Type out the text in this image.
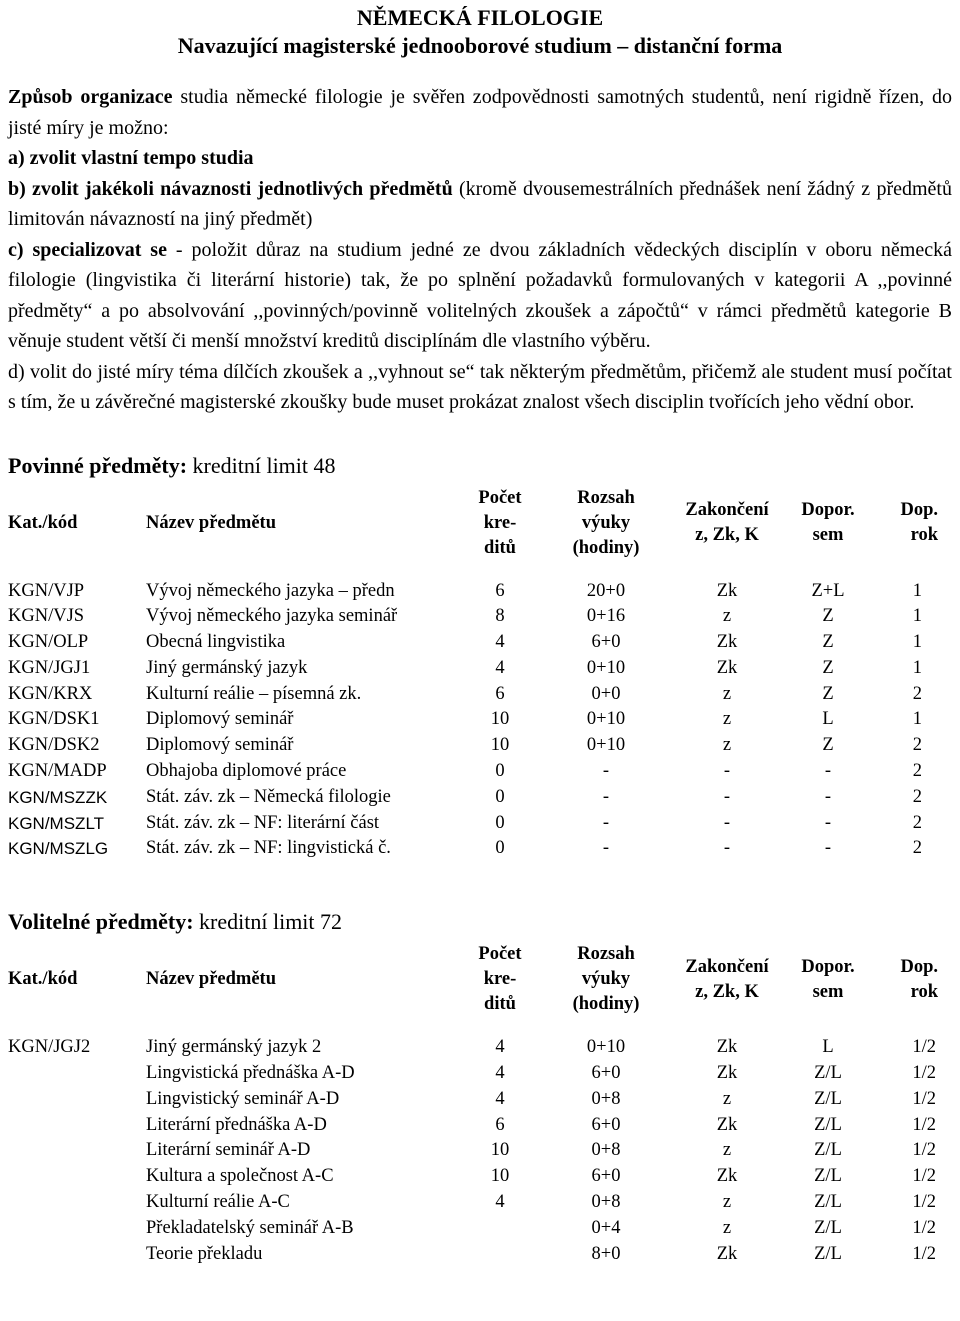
NĚMECKÁ FILOLOGIE
Navazující magisterské jednooborové studium – distanční forma

Způsob organizace studia německé filologie je svěřen zodpovědnosti samotných studentů, není rigidně řízen, do jisté míry je možno:

a) zvolit vlastní tempo studia

b) zvolit jakékoli návaznosti jednotlivých předmětů (kromě dvousemestrálních přednášek není žádný z předmětů limitován návazností na jiný předmět)

c) specializovat se - položit důraz na studium jedné ze dvou základních vědeckých disciplín v oboru německá filologie (lingvistika či literární historie) tak, že po splnění požadavků formulovaných v kategorii A ,,povinné předměty“ a po absolvování ,,povinných/povinně volitelných zkoušek a zápočtů“ v rámci předmětů kategorie B věnuje student větší či menší množství kreditů disciplínám dle vlastního výběru.

d) volit do jisté míry téma dílčích zkoušek a ,,vyhnout se“ tak některým předmětům, přičemž ale student musí počítat s tím, že u závěrečné magisterské zkoušky bude muset prokázat znalost všech disciplin tvořících jeho vědní obor.

Povinné předměty: kreditní limit 48
Kat./kód	Název předmětu	Počet
kre-
ditů	Rozsah
výuky
(hodiny)	Zakončení
z, Zk, K	Dopor.
sem	Dop.
rok
KGN/VJP	Vývoj německého jazyka – předn	6	20+0	Zk	Z+L	1
KGN/VJS	Vývoj německého jazyka seminář	8	0+16	z	Z	1
KGN/OLP	Obecná lingvistika	4	6+0	Zk	Z	1
KGN/JGJ1	Jiný germánský jazyk	4	0+10	Zk	Z	1
KGN/KRX	Kulturní reálie – písemná zk.	6	0+0	z	Z	2
KGN/DSK1	Diplomový seminář	10	0+10	z	L	1
KGN/DSK2	Diplomový seminář	10	0+10	z	Z	2
KGN/MADP	Obhajoba diplomové práce	0	-	-	-	2
KGN/MSZZK	Stát. záv. zk – Německá filologie	0	-	-	-	2
KGN/MSZLT	Stát. záv. zk – NF: literární část	0	-	-	-	2
KGN/MSZLG	Stát. záv. zk – NF: lingvistická č.	0	-	-	-	2
Volitelné předměty: kreditní limit 72
Kat./kód	Název předmětu	Počet
kre-
ditů	Rozsah
výuky
(hodiny)	Zakončení
z, Zk, K	Dopor.
sem	Dop.
rok
KGN/JGJ2	Jiný germánský jazyk 2	4	0+10	Zk	L	1/2
	Lingvistická přednáška A-D	4	6+0	Zk	Z/L	1/2
	Lingvistický seminář A-D	4	0+8	z	Z/L	1/2
	Literární přednáška A-D	6	6+0	Zk	Z/L	1/2
	Literární seminář A-D	10	0+8	z	Z/L	1/2
	Kultura a společnost A-C	10	6+0	Zk	Z/L	1/2
	Kulturní reálie A-C	4	0+8	z	Z/L	1/2
	Překladatelský seminář A-B		0+4	z	Z/L	1/2
	Teorie překladu		8+0	Zk	Z/L	1/2
